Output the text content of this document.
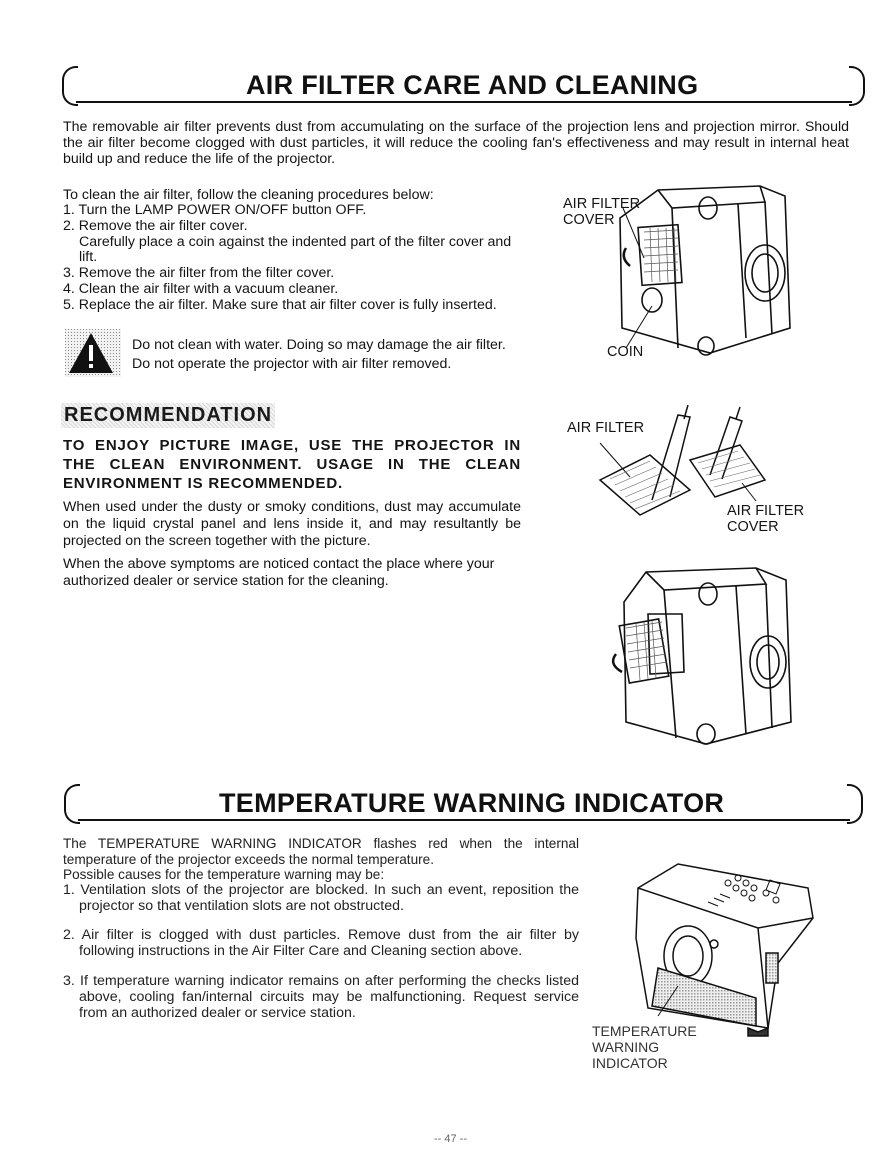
AIR FILTER CARE AND CLEANING
The removable air filter prevents dust from accumulating on the surface of the projection lens and projection mirror. Should the air filter become clogged with dust particles, it will reduce the cooling fan's effectiveness and may result in internal heat build up and reduce the life of the projector.
To clean the air filter, follow the cleaning procedures below:
1. Turn the LAMP POWER ON/OFF button OFF.
2. Remove the air filter cover.
Carefully place a coin against the indented part of the filter cover and lift.
3. Remove the air filter from the filter cover.
4. Clean the air filter with a vacuum cleaner.
5. Replace the air filter. Make sure that air filter cover is fully inserted.
Do not clean with water. Doing so may damage the air filter.
Do not operate the projector with air filter removed.
AIR FILTER
COVER
COIN
RECOMMENDATION
TO ENJOY PICTURE IMAGE, USE THE PROJECTOR IN THE CLEAN ENVIRONMENT. USAGE IN THE CLEAN ENVIRONMENT IS RECOMMENDED.
When used under the dusty or smoky conditions, dust may accumulate on the liquid crystal panel and lens inside it, and may resultantly be projected on the screen together with the picture.
When the above symptoms are noticed contact the place where your authorized dealer or service station for the cleaning.
AIR FILTER
AIR FILTER
COVER
TEMPERATURE WARNING INDICATOR
The TEMPERATURE WARNING INDICATOR flashes red when the internal temperature of the projector exceeds the normal temperature.
Possible causes for the temperature warning may be:
1. Ventilation slots of the projector are blocked. In such an event, reposition the projector so that ventilation slots are not obstructed.
2. Air filter is clogged with dust particles. Remove dust from the air filter by following instructions in the Air Filter Care and Cleaning section above.
3. If temperature warning indicator remains on after performing the checks listed above, cooling fan/internal circuits may be malfunctioning. Request service from an authorized dealer or service station.
TEMPERATURE
WARNING
INDICATOR
-- 47 --
